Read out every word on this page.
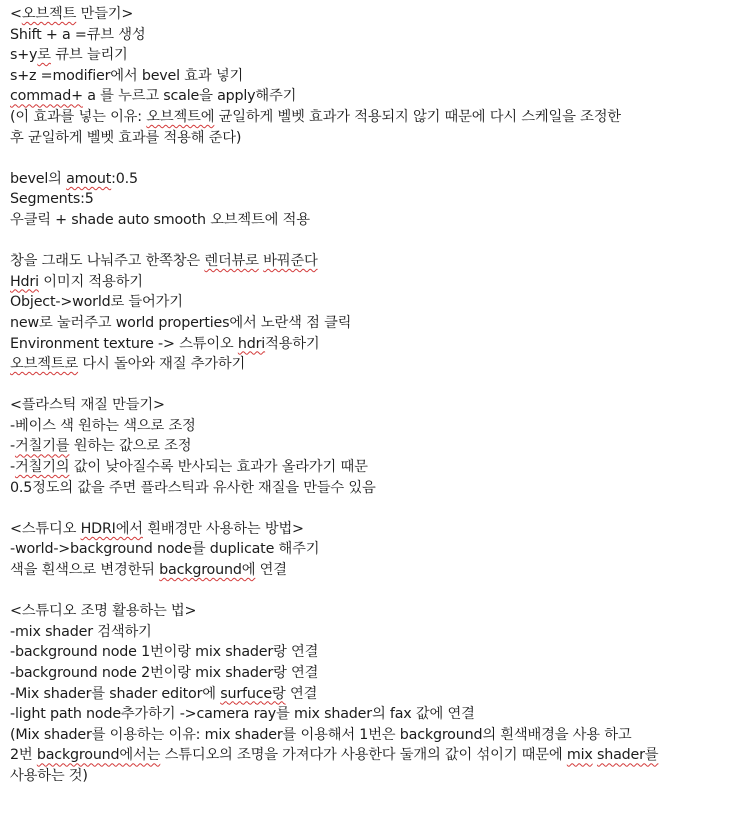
<오브젝트 만들기>
Shift + a =큐브 생성
s+y로 큐브 늘리기
s+z =modifier에서 bevel 효과 넣기
commad+ a 를 누르고 scale을 apply해주기
(이 효과를 넣는 이유: 오브젝트에 균일하게 벨벳 효과가 적용되지 않기 때문에 다시 스케일을 조정한
후 균일하게 벨벳 효과를 적용해 준다)
bevel의 amout:0.5
Segments:5
우클릭 + shade auto smooth 오브젝트에 적용
창을 그래도 나눠주고 한쪽창은 렌더뷰로 바꿔준다
Hdri 이미지 적용하기
Object->world로 들어가기
new로 눌러주고 world properties에서 노란색 점 클릭
Environment texture -> 스튜이오 hdri적용하기
오브젝트로 다시 돌아와 재질 추가하기
<플라스틱 재질 만들기>
-베이스 색 원하는 색으로 조정
-거칠기를 원하는 값으로 조정
-거칠기의 값이 낮아질수록 반사되는 효과가 올라가기 때문
0.5정도의 값을 주면 플라스틱과 유사한 재질을 만들수 있음
<스튜디오 HDRI에서 흰배경만 사용하는 방법>
-world->background node를 duplicate 해주기
색을 흰색으로 변경한뒤 background에 연결
<스튜디오 조명 활용하는 법>
-mix shader 검색하기
-background node 1번이랑 mix shader랑 연결
-background node 2번이랑 mix shader랑 연결
-Mix shader를 shader editor에 surfuce랑 연결
-light path node추가하기 ->camera ray를 mix shader의 fax 값에 연결
(Mix shader를 이용하는 이유: mix shader를 이용해서 1번은 background의 흰색배경을 사용 하고
2번 background에서는 스튜디오의 조명을 가져다가 사용한다 둘개의 값이 섞이기 때문에 mix shader를
사용하는 것)
